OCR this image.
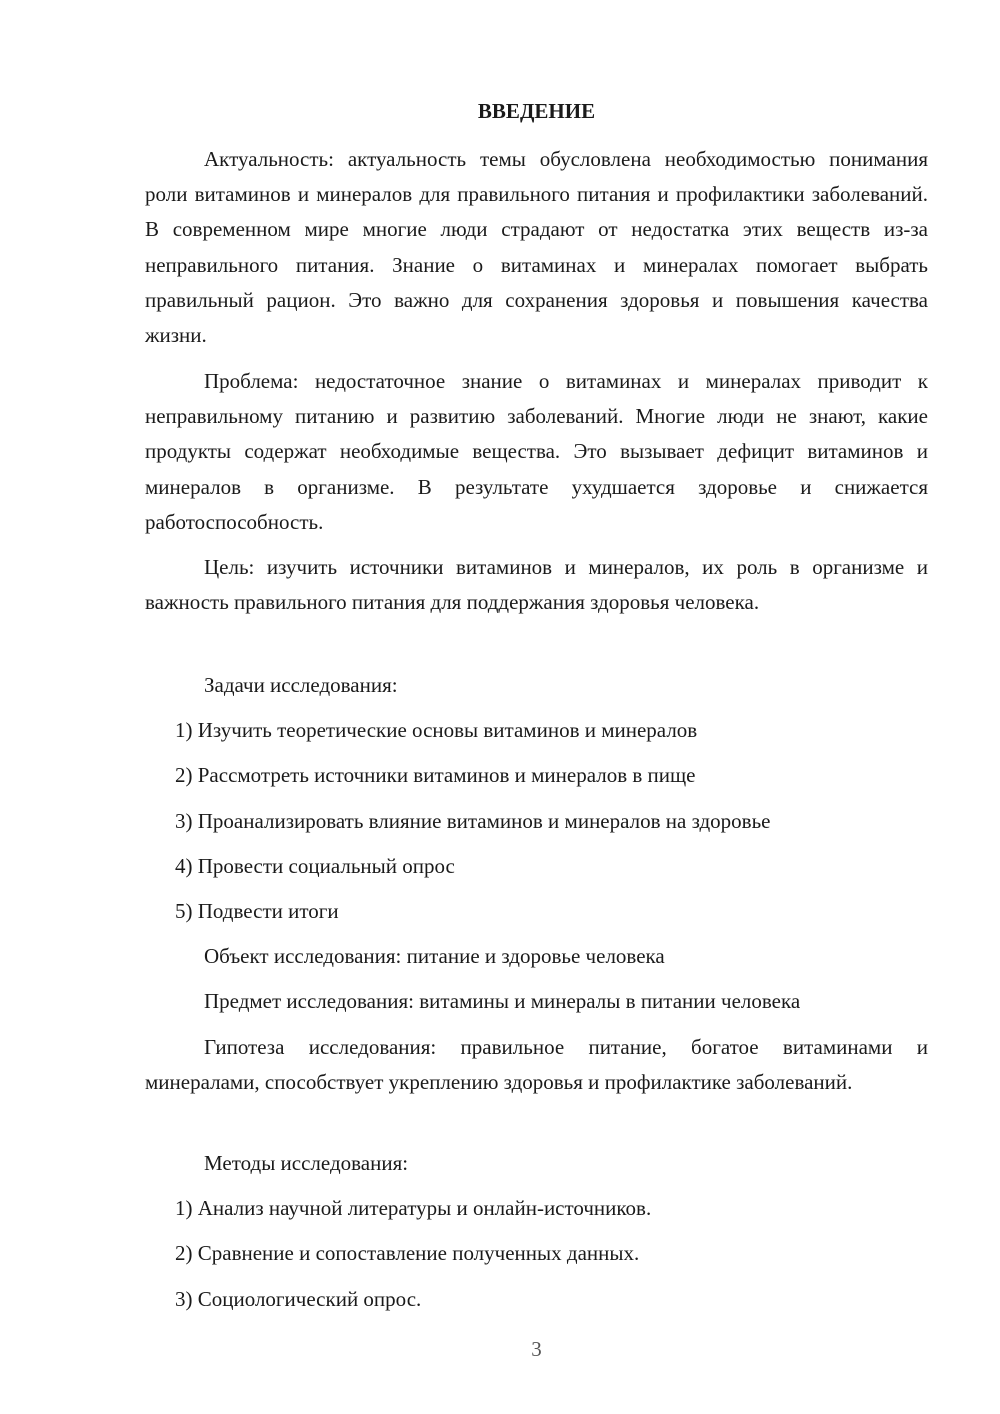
ВВЕДЕНИЕ

Актуальность: актуальность темы обусловлена необходимостью понимания роли витаминов и минералов для правильного питания и профилактики заболеваний. В современном мире многие люди страдают от недостатка этих веществ из-за неправильного питания. Знание о витаминах и минералах помогает выбрать правильный рацион. Это важно для сохранения здоровья и повышения качества жизни.

Проблема: недостаточное знание о витаминах и минералах приводит к неправильному питанию и развитию заболеваний. Многие люди не знают, какие продукты содержат необходимые вещества. Это вызывает дефицит витаминов и минералов в организме. В результате ухудшается здоровье и снижается работоспособность.

Цель: изучить источники витаминов и минералов, их роль в организме и важность правильного питания для поддержания здоровья человека.

Задачи исследования:

1) Изучить теоретические основы витаминов и минералов

2) Рассмотреть источники витаминов и минералов в пище

3) Проанализировать влияние витаминов и минералов на здоровье

4) Провести социальный опрос

5) Подвести итоги

Объект исследования: питание и здоровье человека

Предмет исследования: витамины и минералы в питании человека

Гипотеза исследования: правильное питание, богатое витаминами и минералами, способствует укреплению здоровья и профилактике заболеваний.

Методы исследования:

1) Анализ научной литературы и онлайн-источников.

2) Сравнение и сопоставление полученных данных.

3) Социологический опрос.

3
